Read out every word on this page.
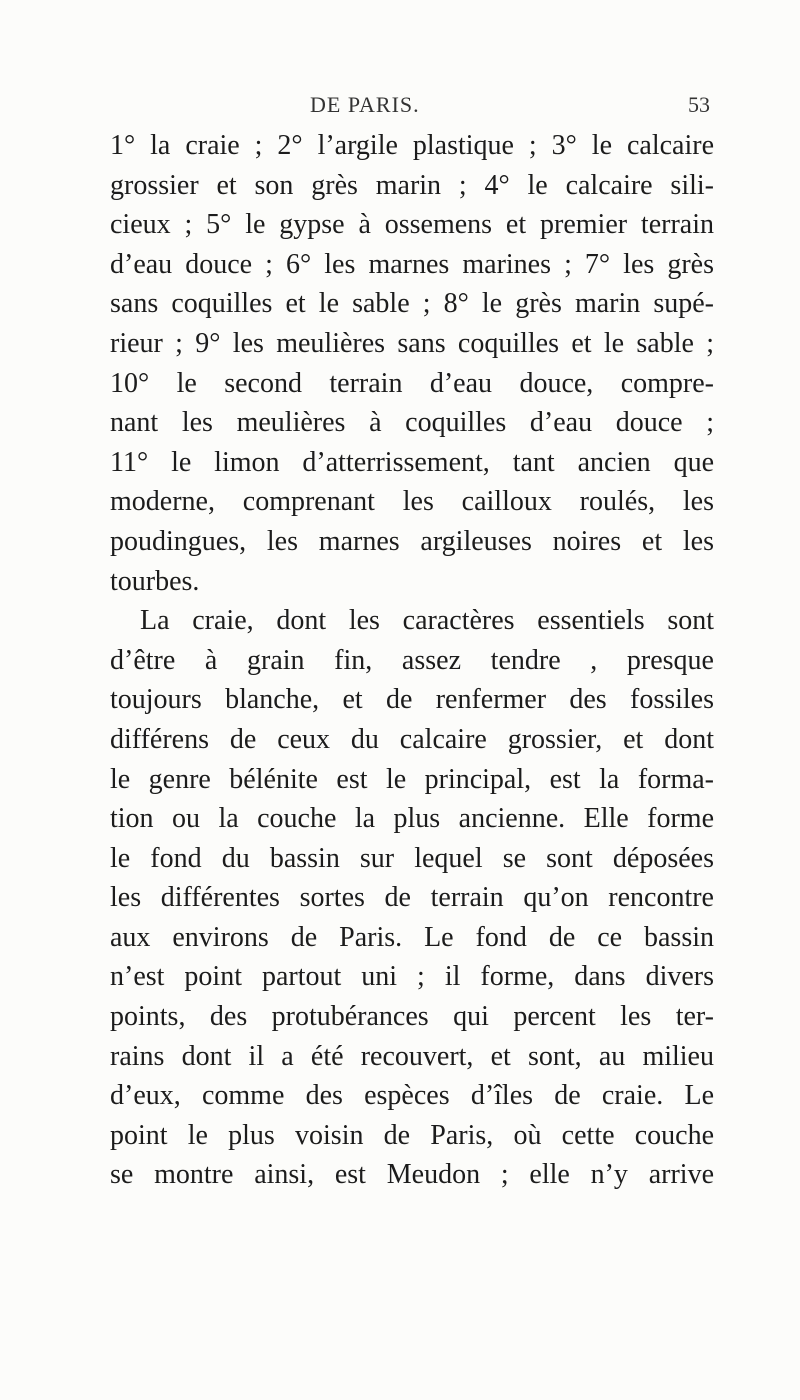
DE PARIS.	53
1° la craie ; 2° l’argile plastique ; 3° le calcaire
grossier et son grès marin ; 4° le calcaire sili-
cieux ; 5° le gypse à ossemens et premier terrain
d’eau douce ; 6° les marnes marines ; 7° les grès
sans coquilles et le sable ; 8° le grès marin supé-
rieur ; 9° les meulières sans coquilles et le sable ;
10° le second terrain d’eau douce, compre-
nant les meulières à coquilles d’eau douce ;
11° le limon d’atterrissement, tant ancien que
moderne, comprenant les cailloux roulés, les
poudingues, les marnes argileuses noires et les
tourbes.
La craie, dont les caractères essentiels sont
d’être à grain fin, assez tendre , presque
toujours blanche, et de renfermer des fossiles
différens de ceux du calcaire grossier, et dont
le genre bélénite est le principal, est la forma-
tion ou la couche la plus ancienne. Elle forme
le fond du bassin sur lequel se sont déposées
les différentes sortes de terrain qu’on rencontre
aux environs de Paris. Le fond de ce bassin
n’est point partout uni ; il forme, dans divers
points, des protubérances qui percent les ter-
rains dont il a été recouvert, et sont, au milieu
d’eux, comme des espèces d’îles de craie. Le
point le plus voisin de Paris, où cette couche
se montre ainsi, est Meudon ; elle n’y arrive
